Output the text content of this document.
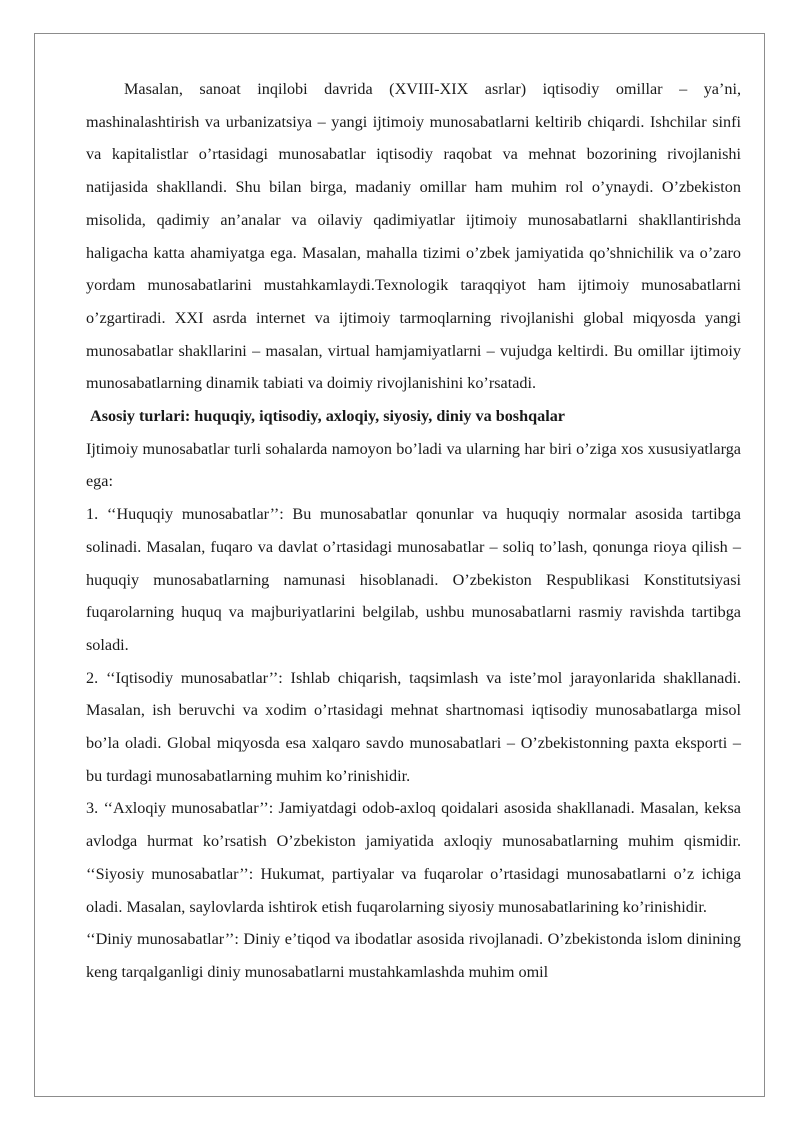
Masalan, sanoat inqilobi davrida (XVIII-XIX asrlar) iqtisodiy omillar – ya’ni, mashinalashtirish va urbanizatsiya – yangi ijtimoiy munosabatlarni keltirib chiqardi. Ishchilar sinfi va kapitalistlar o’rtasidagi munosabatlar iqtisodiy raqobat va mehnat bozorining rivojlanishi natijasida shakllandi. Shu bilan birga, madaniy omillar ham muhim rol o’ynaydi. O’zbekiston misolida, qadimiy an’analar va oilaviy qadimiyatlar ijtimoiy munosabatlarni shakllantirishda haligacha katta ahamiyatga ega. Masalan, mahalla tizimi o’zbek jamiyatida qo’shnichilik va o’zaro yordam munosabatlarini mustahkamlaydi.Texnologik taraqqiyot ham ijtimoiy munosabatlarni o’zgartiradi. XXI asrda internet va ijtimoiy tarmoqlarning rivojlanishi global miqyosda yangi munosabatlar shakllarini – masalan, virtual hamjamiyatlarni – vujudga keltirdi. Bu omillar ijtimoiy munosabatlarning dinamik tabiati va doimiy rivojlanishini ko’rsatadi.

Asosiy turlari: huquqiy, iqtisodiy, axloqiy, siyosiy, diniy va boshqalar

Ijtimoiy munosabatlar turli sohalarda namoyon bo’ladi va ularning har biri o’ziga xos xususiyatlarga ega:

1. ‘‘Huquqiy munosabatlar’’: Bu munosabatlar qonunlar va huquqiy normalar asosida tartibga solinadi. Masalan, fuqaro va davlat o’rtasidagi munosabatlar – soliq to’lash, qonunga rioya qilish – huquqiy munosabatlarning namunasi hisoblanadi. O’zbekiston Respublikasi Konstitutsiyasi fuqarolarning huquq va majburiyatlarini belgilab, ushbu munosabatlarni rasmiy ravishda tartibga soladi.

2. ‘‘Iqtisodiy munosabatlar’’: Ishlab chiqarish, taqsimlash va iste’mol jarayonlarida shakllanadi. Masalan, ish beruvchi va xodim o’rtasidagi mehnat shartnomasi iqtisodiy munosabatlarga misol bo’la oladi. Global miqyosda esa xalqaro savdo munosabatlari – O’zbekistonning paxta eksporti – bu turdagi munosabatlarning muhim ko’rinishidir.

3. ‘‘Axloqiy munosabatlar’’: Jamiyatdagi odob-axloq qoidalari asosida shakllanadi. Masalan, keksa avlodga hurmat ko’rsatish O’zbekiston jamiyatida axloqiy munosabatlarning muhim qismidir. ‘‘Siyosiy munosabatlar’’: Hukumat, partiyalar va fuqarolar o’rtasidagi munosabatlarni o’z ichiga oladi. Masalan, saylovlarda ishtirok etish fuqarolarning siyosiy munosabatlarining ko’rinishidir.

‘‘Diniy munosabatlar’’: Diniy e’tiqod va ibodatlar asosida rivojlanadi. O’zbekistonda islom dinining keng tarqalganligi diniy munosabatlarni mustahkamlashda muhim omil
